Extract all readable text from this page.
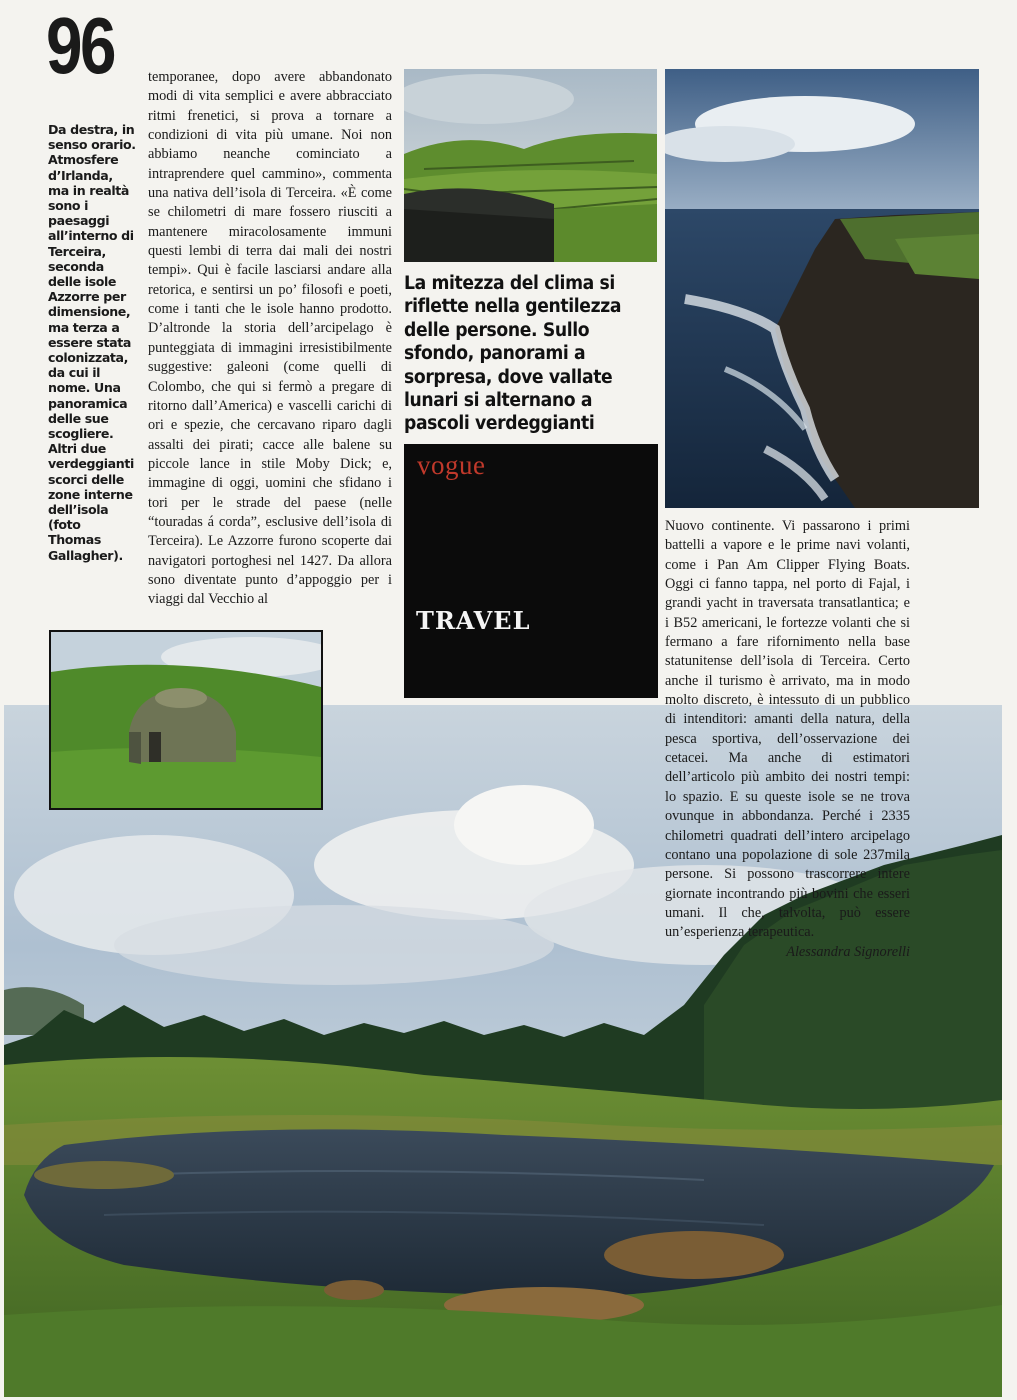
96
Da destra, in senso orario. Atmosfere d’Irlanda, ma in realtà sono i paesaggi all’interno di Terceira, seconda delle isole Azzorre per dimensione, ma terza a essere stata colonizzata, da cui il nome. Una panoramica delle sue scogliere. Altri due verdeggianti scorci delle zone interne dell’isola (foto Thomas Gallagher).
temporanee, dopo avere abbandonato modi di vita semplici e avere abbracciato ritmi frenetici, si prova a tornare a condizioni di vita più umane. Noi non abbiamo neanche cominciato a intraprendere quel cammino», commenta una nativa dell’isola di Terceira. «È come se chilometri di mare fossero riusciti a mantenere miracolosamente immuni questi lembi di terra dai mali dei nostri tempi». Qui è facile lasciarsi andare alla retorica, e sentirsi un po’ filosofi e poeti, come i tanti che le isole hanno prodotto. D’altronde la storia dell’arcipelago è punteggiata di immagini irresistibilmente suggestive: galeoni (come quelli di Colombo, che qui si fermò a pregare di ritorno dall’America) e vascelli carichi di ori e spezie, che cercavano riparo dagli assalti dei pirati; cacce alle balene su piccole lance in stile Moby Dick; e, immagine di oggi, uomini che sfidano i tori per le strade del paese (nelle “touradas á corda”, esclusive dell’isola di Terceira). Le Azzorre furono scoperte dai navigatori portoghesi nel 1427. Da allora sono diventate punto d’appoggio per i viaggi dal Vecchio al
La mitezza del clima si riflette nella gentilezza delle persone. Sullo sfondo, panorami a sorpresa, dove vallate lunari si alternano a pascoli verdeggianti
vogue
TRAVEL
Nuovo continente. Vi passarono i primi battelli a vapore e le prime navi volanti, come i Pan Am Clipper Flying Boats. Oggi ci fanno tappa, nel porto di Fajal, i grandi yacht in traversata transatlantica; e i B52 americani, le fortezze volanti che si fermano a fare rifornimento nella base statunitense dell’isola di Terceira. Certo anche il turismo è arrivato, ma in modo molto discreto, è intessuto di un pubblico di intenditori: amanti della natura, della pesca sportiva, dell’osservazione dei cetacei. Ma anche di estimatori dell’articolo più ambito dei nostri tempi: lo spazio. E su queste isole se ne trova ovunque in abbondanza. Perché i 2335 chilometri quadrati dell’intero arcipelago contano una popolazione di sole 237mila persone. Si possono trascorrere intere giornate incontrando più bovini che esseri umani. Il che, talvolta, può essere un’esperienza terapeutica.
Alessandra Signorelli
